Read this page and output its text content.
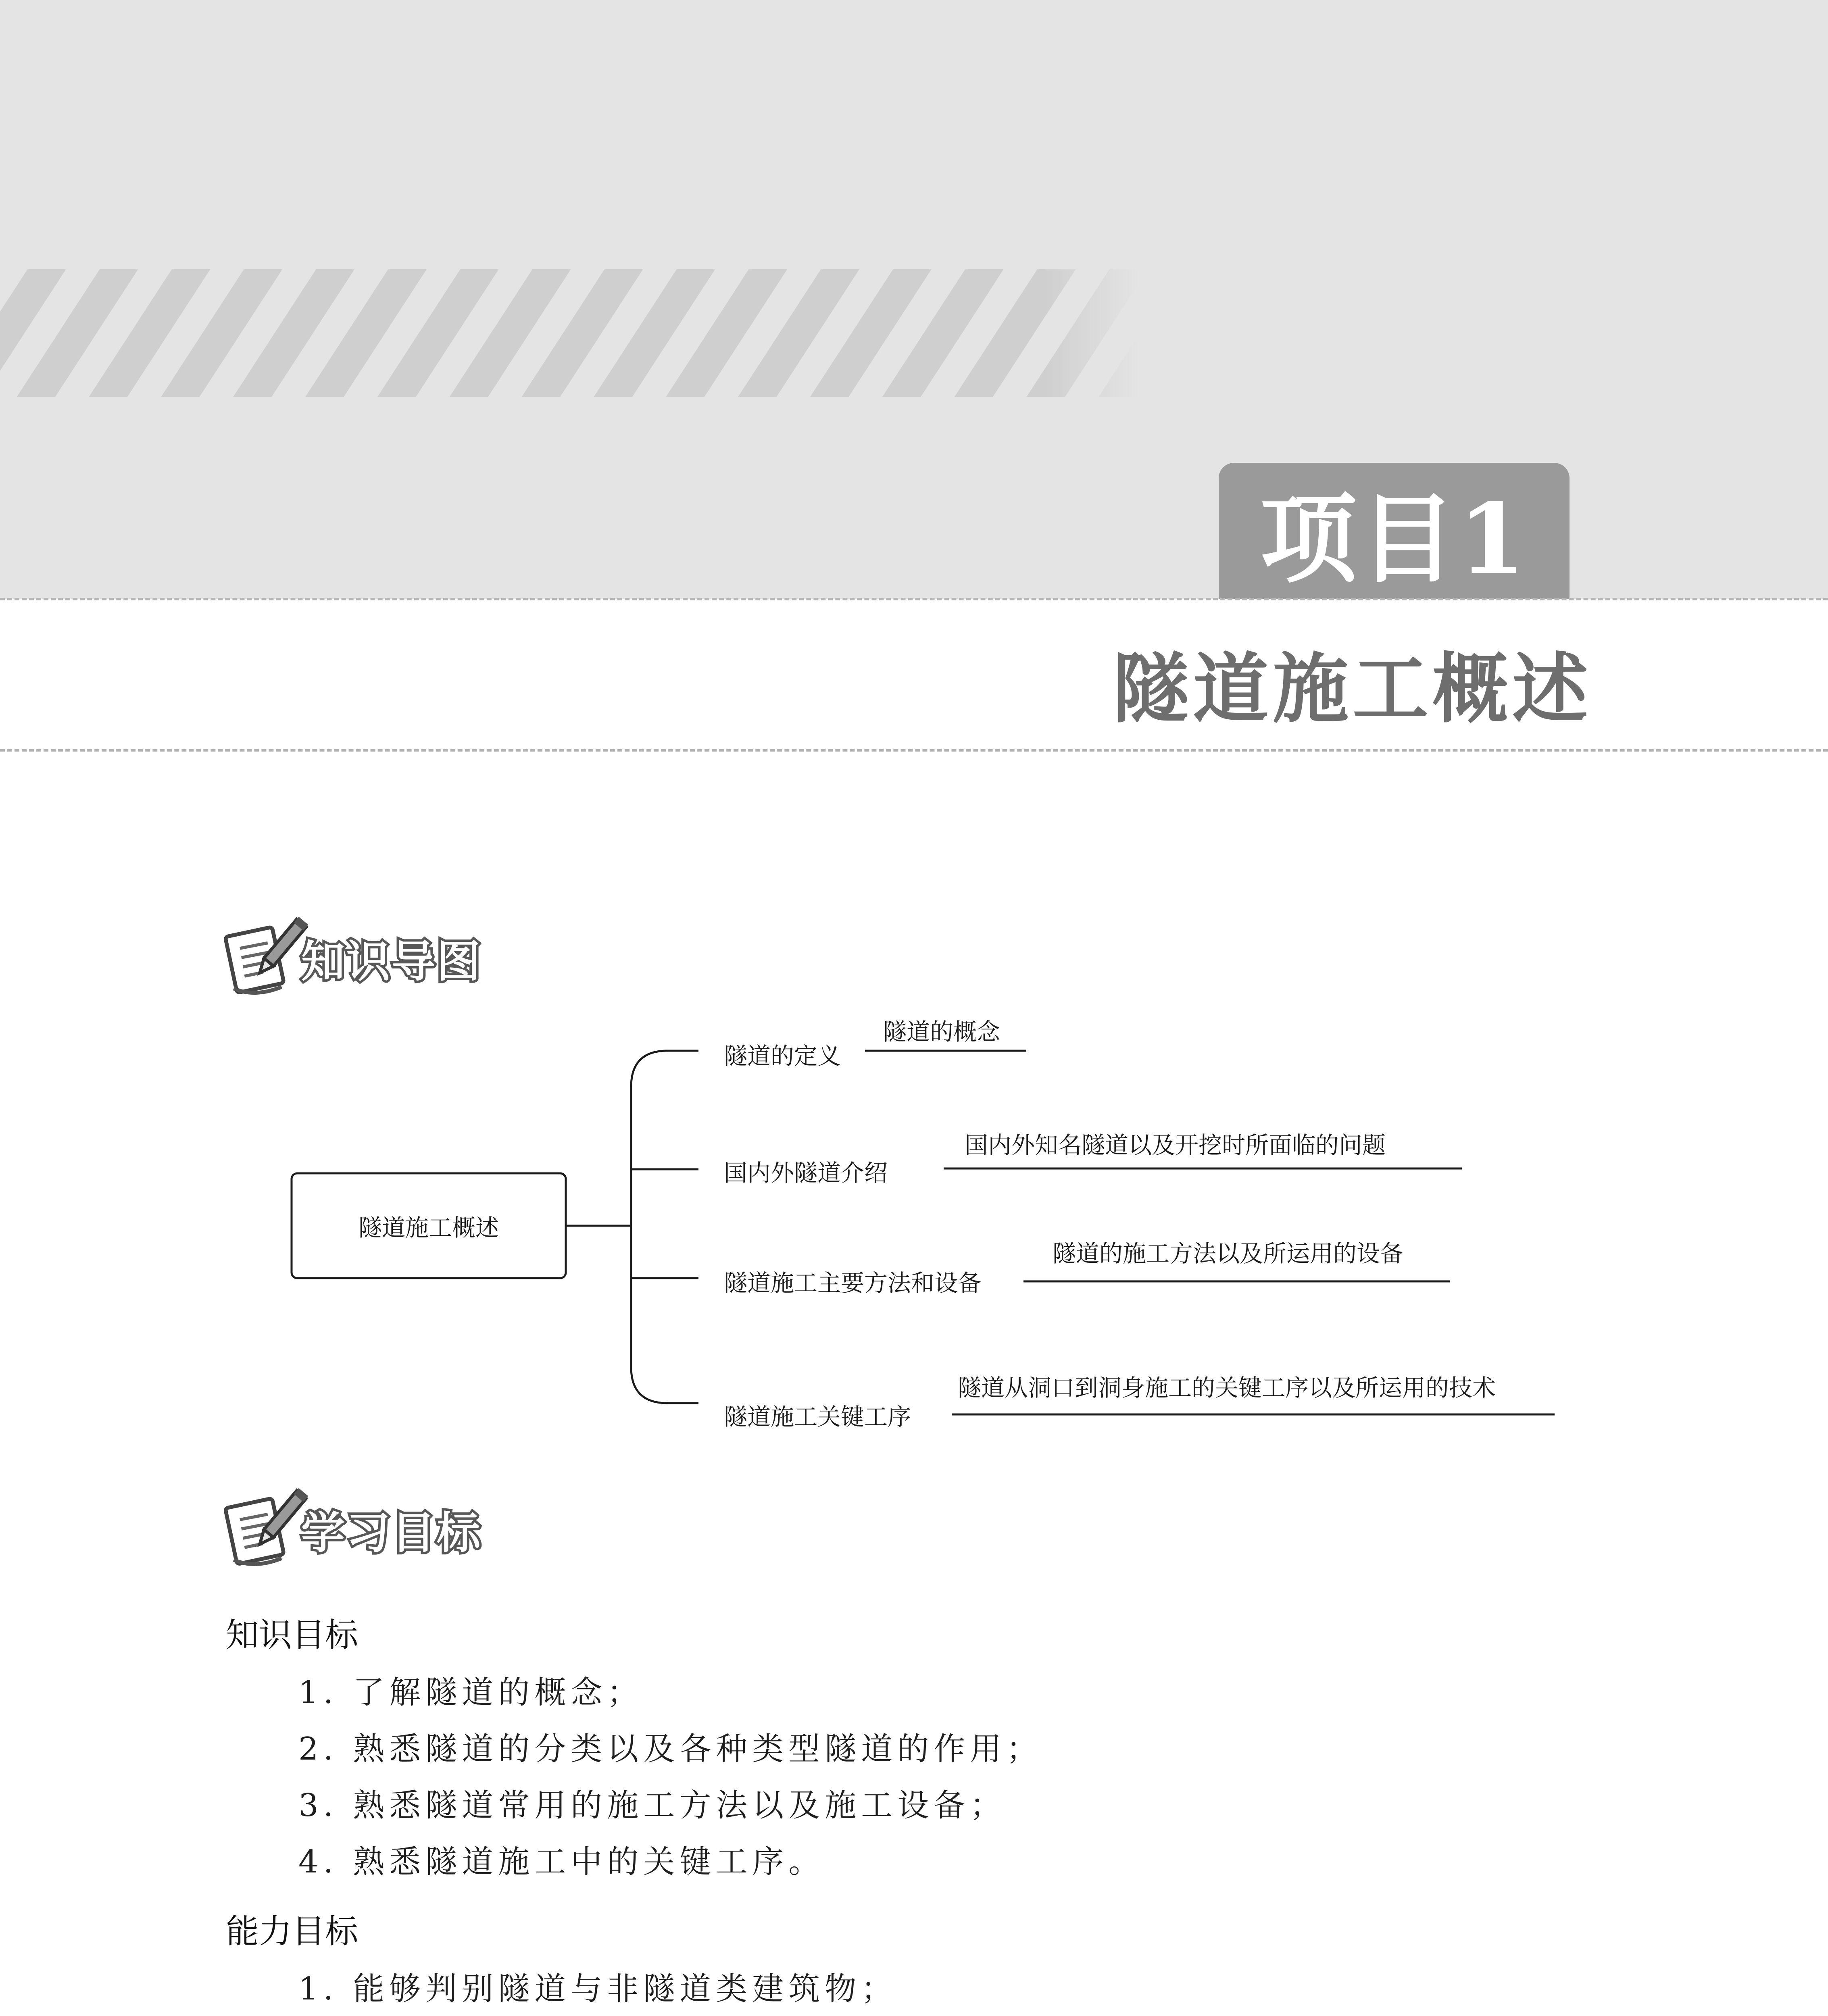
项目1
隧道施工概述
知识导图
隧道施工概述
隧道的定义
隧道的概念
国内外隧道介绍
国内外知名隧道以及开挖时所面临的问题
隧道施工主要方法和设备
隧道的施工方法以及所运用的设备
隧道施工关键工序
隧道从洞口到洞身施工的关键工序以及所运用的技术
学习目标
知识目标
1. 了解隧道的概念；
2. 熟悉隧道的分类以及各种类型隧道的作用；
3. 熟悉隧道常用的施工方法以及施工设备；
4. 熟悉隧道施工中的关键工序。
能力目标
1. 能够判别隧道与非隧道类建筑物；
